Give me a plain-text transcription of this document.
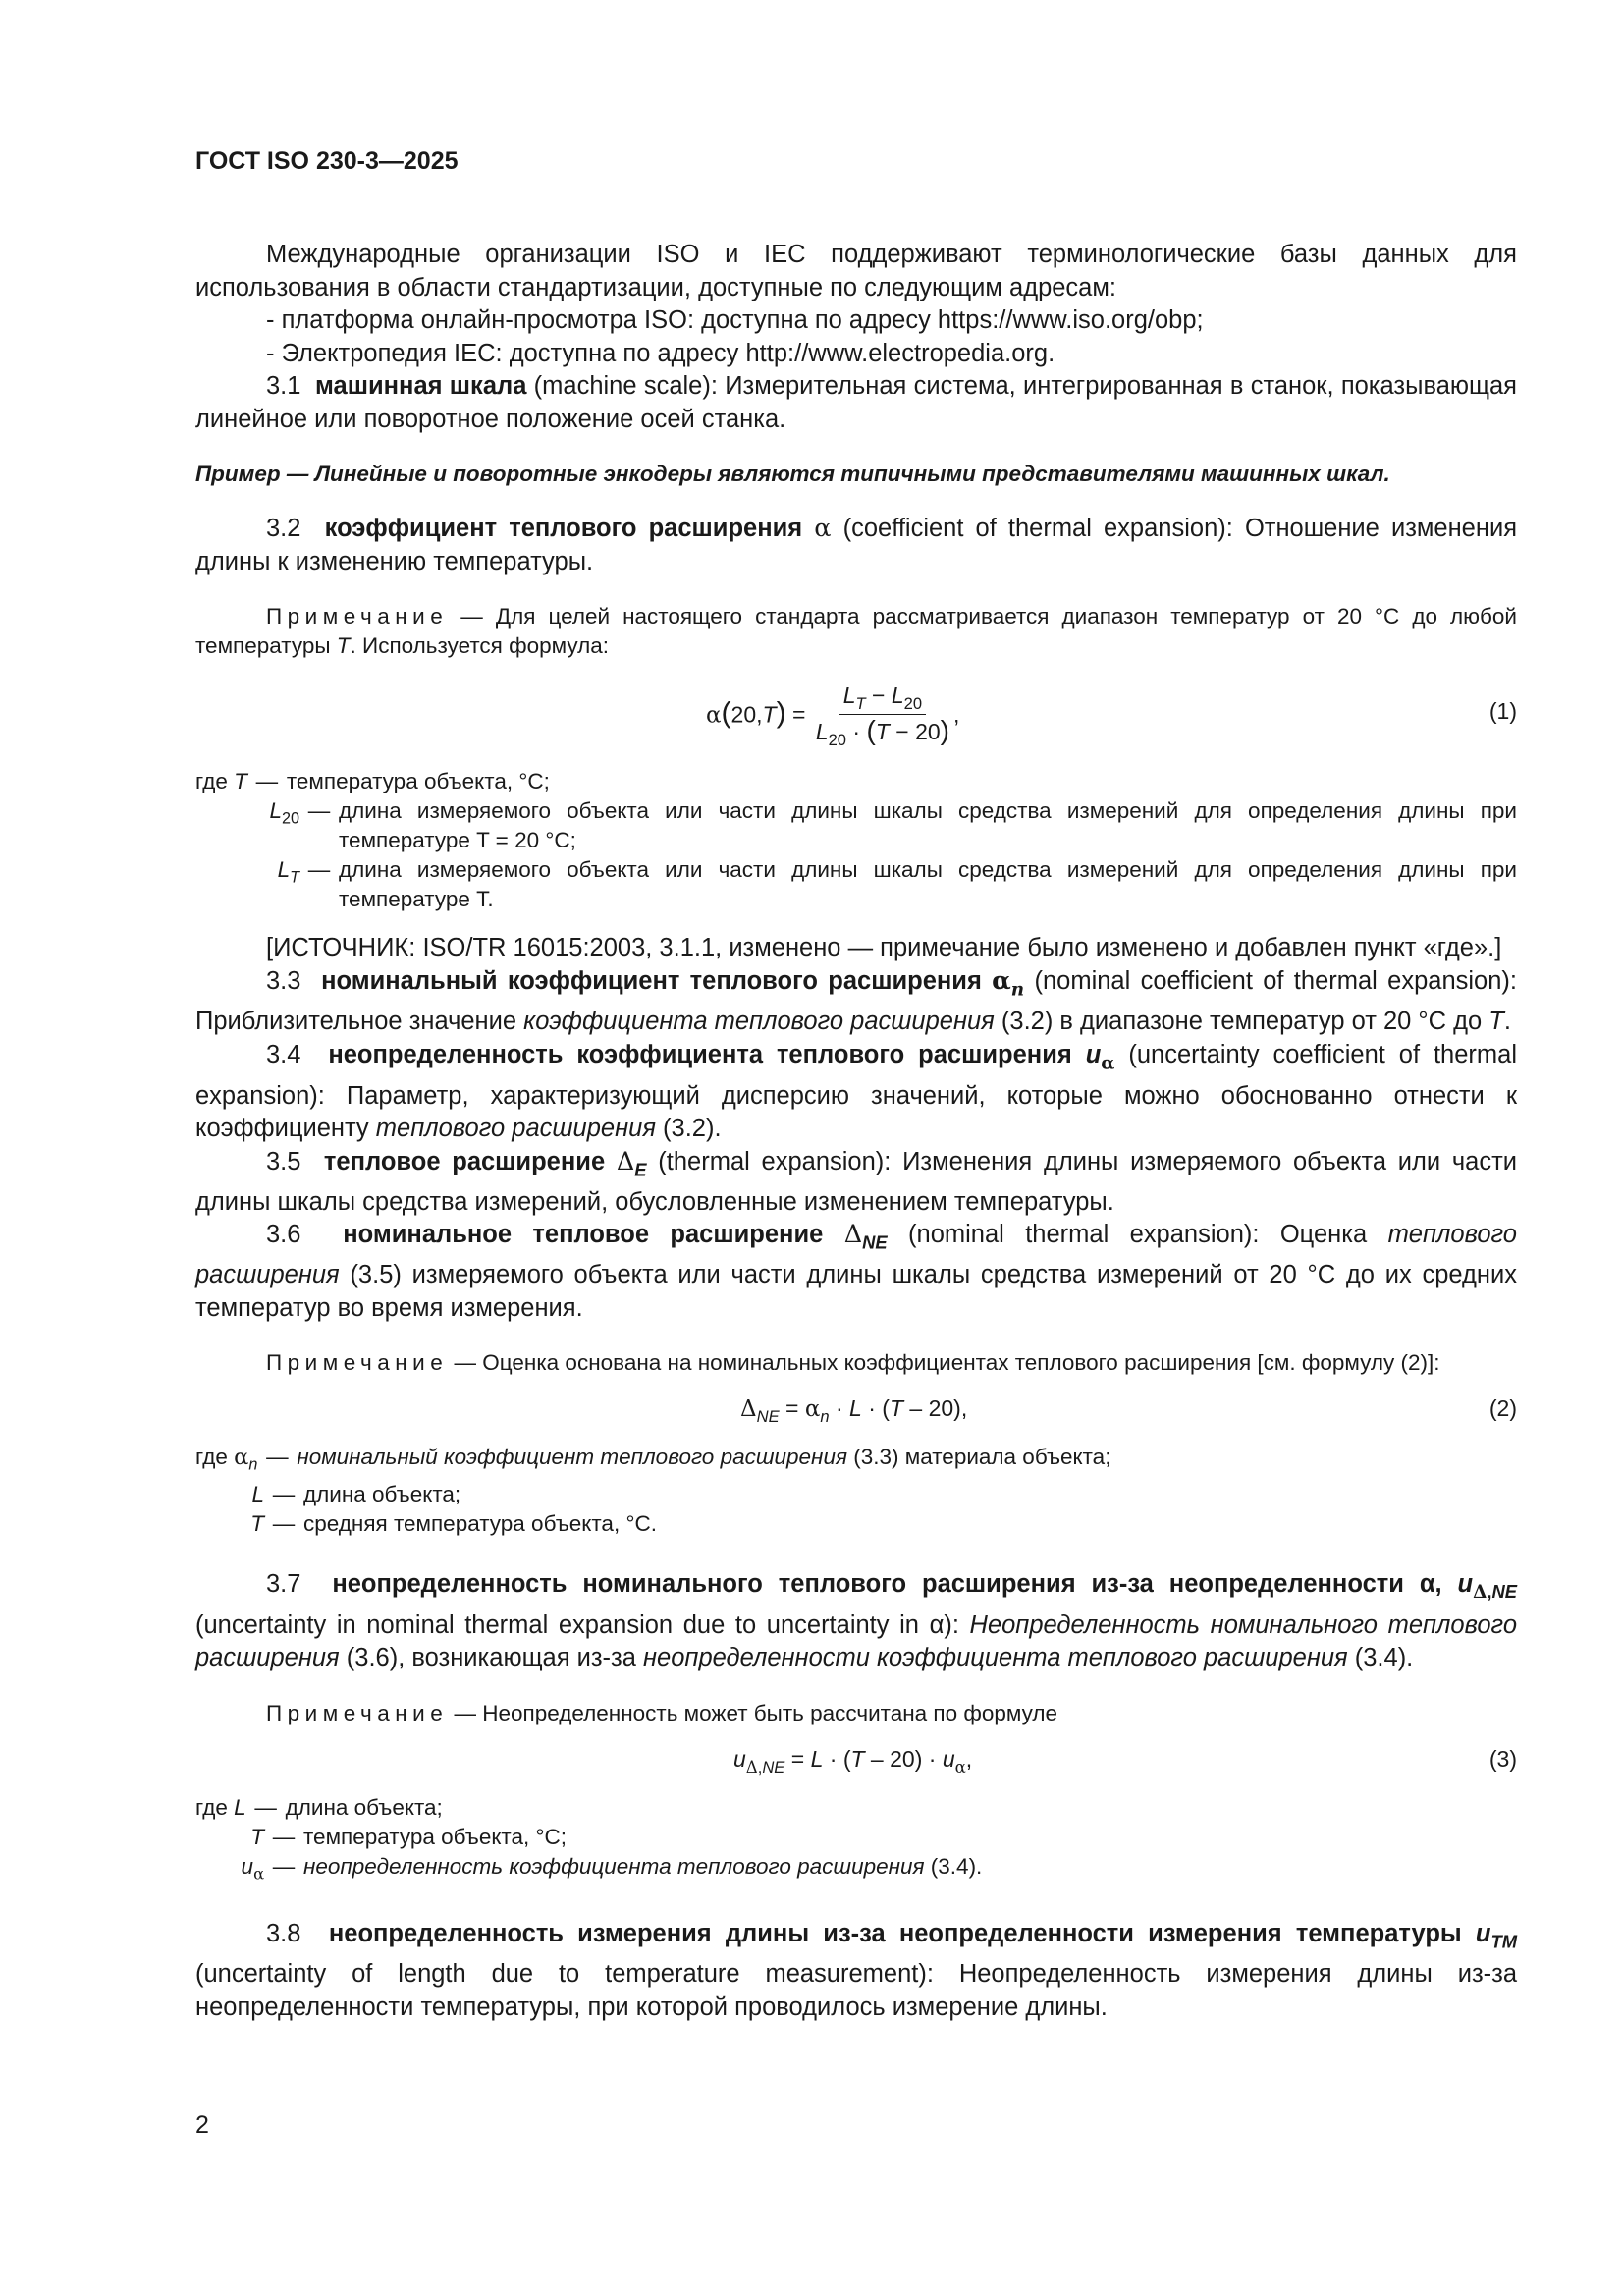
ГОСТ ISO 230-3—2025

Международные организации ISO и IEC поддерживают терминологические базы данных для использования в области стандартизации, доступные по следующим адресам:

- платформа онлайн-просмотра ISO: доступна по адресу https://www.iso.org/obp;

- Электропедия IEC: доступна по адресу http://www.electropedia.org.

3.1 машинная шкала (machine scale): Измерительная система, интегрированная в станок, показывающая линейное или поворотное положение осей станка.

Пример — Линейные и поворотные энкодеры являются типичными представителями машинных шкал.

3.2 коэффициент теплового расширения α (coefficient of thermal expansion): Отношение изменения длины к изменению температуры.

Примечание — Для целей настоящего стандарта рассматривается диапазон температур от 20 °C до любой температуры T. Используется формула:

$\alpha(20,T) = \frac{L_T - L_{20}}{L_{20} \cdot (T - 20)}$ ,	(1)
где T — температура объекта, °C;
$L_{20}$ — длина измеряемого объекта или части длины шкалы средства измерений для определения длины при температуре T = 20 °C;
$L_T$ — длина измеряемого объекта или части длины шкалы средства измерений для определения длины при температуре T.

[ИСТОЧНИК: ISO/TR 16015:2003, 3.1.1, изменено — примечание было изменено и добавлен пункт «где».]

3.3 номинальный коэффициент теплового расширения $\alpha_n$ (nominal coefficient of thermal expansion): Приблизительное значение коэффициента теплового расширения (3.2) в диапазоне температур от 20 °C до T.

3.4 неопределенность коэффициента теплового расширения $u_\alpha$ (uncertainty coefficient of thermal expansion): Параметр, характеризующий дисперсию значений, которые можно обоснованно отнести к коэффициенту теплового расширения (3.2).

3.5 тепловое расширение $\Delta_E$ (thermal expansion): Изменения длины измеряемого объекта или части длины шкалы средства измерений, обусловленные изменением температуры.

3.6 номинальное тепловое расширение $\Delta_{NE}$ (nominal thermal expansion): Оценка теплового расширения (3.5) измеряемого объекта или части длины шкалы средства измерений от 20 °C до их средних температур во время измерения.

Примечание — Оценка основана на номинальных коэффициентах теплового расширения [см. формулу (2)]:

$\Delta_{NE} = \alpha_n \cdot L \cdot (T - 20)$,	(2)
где $\alpha_n$ — номинальный коэффициент теплового расширения (3.3) материала объекта;
L — длина объекта;
T — средняя температура объекта, °C.

3.7 неопределенность номинального теплового расширения из-за неопределенности α, $u_{\Delta,NE}$ (uncertainty in nominal thermal expansion due to uncertainty in α): Неопределенность номинального теплового расширения (3.6), возникающая из-за неопределенности коэффициента теплового расширения (3.4).

Примечание — Неопределенность может быть рассчитана по формуле

$u_{\Delta,NE} = L \cdot (T - 20) \cdot u_\alpha$,	(3)
где L — длина объекта;
T — температура объекта, °C;
$u_\alpha$ — неопределенность коэффициента теплового расширения (3.4).

3.8 неопределенность измерения длины из-за неопределенности измерения температуры $u_{TM}$ (uncertainty of length due to temperature measurement): Неопределенность измерения длины из-за неопределенности температуры, при которой проводилось измерение длины.

2
